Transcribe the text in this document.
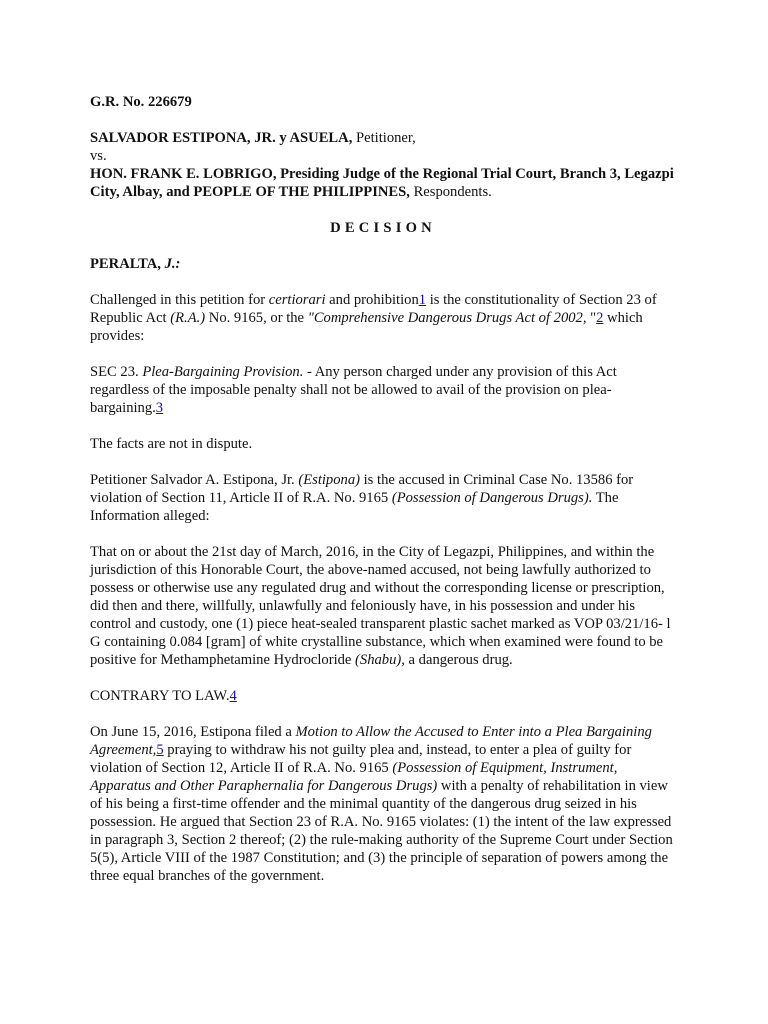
G.R. No. 226679

SALVADOR ESTIPONA, JR. y ASUELA, Petitioner,

vs.

HON. FRANK E. LOBRIGO, Presiding Judge of the Regional Trial Court, Branch 3, Legazpi City, Albay, and PEOPLE OF THE PHILIPPINES, Respondents.

DECISION

PERALTA, J.:

Challenged in this petition for certiorari and prohibition1 is the constitutionality of Section 23 of Republic Act (R.A.) No. 9165, or the "Comprehensive Dangerous Drugs Act of 2002, "2 which provides:

SEC 23. Plea-Bargaining Provision. - Any person charged under any provision of this Act regardless of the imposable penalty shall not be allowed to avail of the provision on plea-bargaining.3

The facts are not in dispute.

Petitioner Salvador A. Estipona, Jr. (Estipona) is the accused in Criminal Case No. 13586 for violation of Section 11, Article II of R.A. No. 9165 (Possession of Dangerous Drugs). The Information alleged:

That on or about the 21st day of March, 2016, in the City of Legazpi, Philippines, and within the jurisdiction of this Honorable Court, the above-named accused, not being lawfully authorized to possess or otherwise use any regulated drug and without the corresponding license or prescription, did then and there, willfully, unlawfully and feloniously have, in his possession and under his control and custody, one (1) piece heat-sealed transparent plastic sachet marked as VOP 03/21/16- l G containing 0.084 [gram] of white crystalline substance, which when examined were found to be positive for Methamphetamine Hydrocloride (Shabu), a dangerous drug.

CONTRARY TO LAW.4

On June 15, 2016, Estipona filed a Motion to Allow the Accused to Enter into a Plea Bargaining Agreement,5 praying to withdraw his not guilty plea and, instead, to enter a plea of guilty for violation of Section 12, Article II of R.A. No. 9165 (Possession of Equipment, Instrument, Apparatus and Other Paraphernalia for Dangerous Drugs) with a penalty of rehabilitation in view of his being a first-time offender and the minimal quantity of the dangerous drug seized in his possession. He argued that Section 23 of R.A. No. 9165 violates: (1) the intent of the law expressed in paragraph 3, Section 2 thereof; (2) the rule-making authority of the Supreme Court under Section 5(5), Article VIII of the 1987 Constitution; and (3) the principle of separation of powers among the three equal branches of the government.
